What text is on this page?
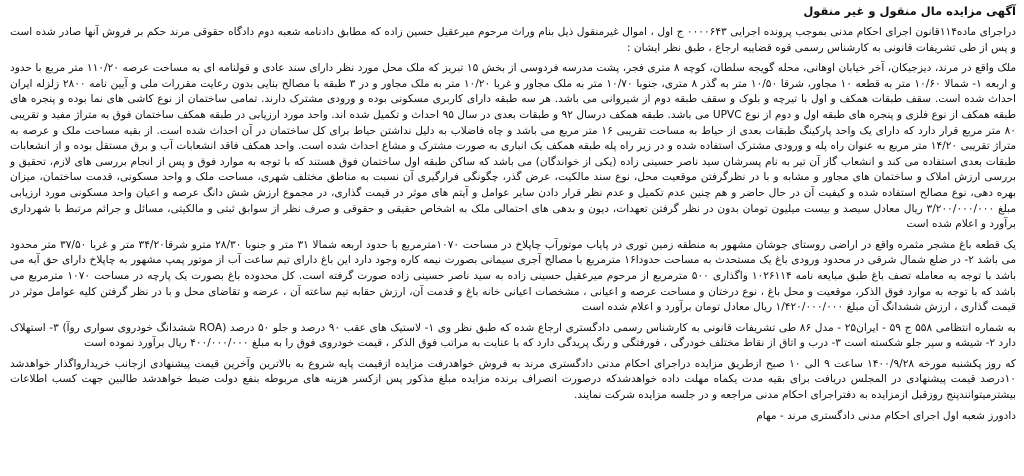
آگهی مزایده مال منقول و غیر منقول

دراجرای ماده۱۱۴قانون اجرای احکام مدنی بموجب پرونده اجرایی ۰۰۰۰۶۴۳ ج اول ، اموال غیرمنقول ذیل بنام وراث مرحوم میرعقیل حسین زاده که مطابق دادنامه شعبه دوم دادگاه حقوقی مرند حکم بر فروش آنها صادر شده است و پس از طی تشریفات قانونی به کارشناس رسمی قوه قضاییه ارجاع ، طبق نظر ایشان :

ملک واقع در مرند، دیزجیکان، آخر خیابان اوهانی، محله گویجه سلطان، کوچه ۸ متری فجر، پشت مدرسه فردوسی از بخش ۱۵ تبریز که ملک محل مورد نظر دارای سند عادی و قولنامه ای به مساحت عرصه ۱۱۰/۲۰ متر مربع با حدود و اربعه ۱- شمالا ۱۰/۶۰ متر به قطعه ۱۰ مجاور، شرقا ۱۰/۵۰ متر به گذر ۸ متری، جنوبا ۱۰/۷۰ متر به ملک مجاور و غربا ۱۰/۲۰ متر به ملک مجاور و در ۳ طبقه با مصالح بنایی بدون رعایت مقررات ملی و آیین نامه ۲۸۰۰ زلزله ایران احداث شده است. سقف طبقات همکف و اول با تیرچه و بلوک و سقف طبقه دوم از شیروانی می باشد. هر سه طبقه دارای کاربری مسکونی بوده و ورودی مشترک دارند. تمامی ساختمان از نوع کاشی های نما بوده و پنجره های طبقه همکف از نوع فلزی و پنجره های طبقه اول و دوم از نوع UPVC می باشد. طبقه همکف درسال ۹۲ و طبقات بعدی در سال ۹۵ احداث و تکمیل شده اند. واحد مورد ارزیابی در طبقه همکف ساختمان فوق به متراژ مفید و تقریبی ۸۰ متر مربع قرار دارد که دارای یک واحد پارکینگ طبقات بعدی از حیاط به مساحت تقریبی ۱۶ متر مربع می باشد و چاه فاضلاب به دلیل نداشتن حیاط برای کل ساختمان در آن احداث شده است. از بقیه مساحت ملک و عرصه به متراژ تقریبی ۱۴/۲۰ متر مربع به عنوان راه پله و ورودی مشترک استفاده شده و در زیر راه پله طبقه همکف یک انباری به صورت مشترک و مشاع احداث شده است. واحد همکف فاقد انشعابات آب و برق مستقل بوده و از انشعابات طبقات بعدی استفاده می کند و انشعاب گاز آن تیر به نام پسرشان سید ناصر حسینی زاده (یکی از خواندگان) می باشد که ساکن طبقه اول ساختمان فوق هستند که با توجه به موارد فوق و پس از انجام بررسی های لازم، تحقیق و بررسی ارزش املاک و ساختمان های مجاور و مشابه و با در نظرگرفتن موقعیت محل، نوع سند مالکیت، عرض گذر، چگونگی فرارگیری آن نسبت به مناطق مختلف شهری، مساحت ملک و واحد مسکونی، قدمت ساختمان، میزان بهره دهی، نوع مصالح استفاده شده و کیفیت آن در حال حاضر و هم چنین عدم تکمیل و عدم نظر قرار دادن سایر عوامل و آیتم های موثر در قیمت گذاری، در مجموع ارزش شش دانگ عرصه و اعیان واحد مسکونی مورد ارزیابی مبلغ ۳/۲۰۰/۰۰۰/۰۰۰ ریال معادل سیصد و بیست میلیون تومان بدون در نظر گرفتن تعهدات، دیون و بدهی های احتمالی ملک به اشخاص حقیقی و حقوقی و صرف نظر از سوابق ثبتی و مالکیتی، مسائل و جرائم مرتبط با شهرداری برآورد و اعلام شده است

یک قطعه باغ مشجر مثمره واقع در اراضی روستای جوشان مشهور به منطقه زمین توری در پایاب موتورآب چاپلاخ در مساحت ۱۰۷۰مترمربع با حدود اربعه شمالا ۳۱ متر و جنوبا ۲۸/۳۰ مترو شرقا۳۴/۲۰ متر و غربا ۳۷/۵۰ متر محدود می باشد ۲- در ضلع شمال شرقی در محدود ورودی باغ یک مستحدث به مساحت حدودا۱۶ مترمربع با مصالح آجری سیمانی بصورت نیمه کاره وجود دارد این باغ دارای تیم ساعت آب از موتور پمپ مشهور به چاپلاخ دارای حق آبه می باشد با توجه به معامله تصف باغ طبق مبایعه نامه ۱۰۲۶۱۱۴ واگذاری ۵۰۰ مترمربع از مرحوم میرعقیل حسینی زاده به سید ناصر حسینی زاده صورت گرفته است. کل محدوده باغ بصورت یک پارچه در مساحت ۱۰۷۰ مترمربع می باشد که با توجه به موارد فوق الذکر، موقعیت و محل باغ ، نوع درختان و مساحت عرصه و اعیانی ، مشخصات اعیانی خانه باغ و قدمت آن، ارزش حقابه تیم ساعته آن ، عرضه و تقاضای محل و با در نظر گرفتن کلیه عوامل موثر در قیمت گذاری ، ارزش ششدانگ آن مبلغ ۱/۴۲۰/۰۰۰/۰۰۰ ریال معادل تومان برآورد و اعلام شده است

به شماره انتظامی ۵۵۸ ج ۵۹ - ایران۲۵ - مدل ۸۶ طی تشریفات قانونی به کارشناس رسمی دادگستری ارجاع شده که طبق نظر وی ۱- لاستیک های عقب ۹۰ درصد و جلو ۵۰ درصد (ROA ششدانگ خودروی سواری روآ) ۳- استهلاک دارد ۲- شیشه و سپر جلو شکسته است ۳- درب و اتاق از نقاط مختلف خودرگی ، فورفتگی و رنگ پریدگی دارد که با عنایت به مراتب فوق الذکر ، قیمت خودروی فوق را به مبلغ ۴۰۰/۰۰۰/۰۰۰ ریال برآورد نموده است

که روز پکشنبه مورخه ۱۴۰۰/۹/۲۸ ساعت ۹ الی ۱۰ صبح ازطریق مزایده دراجرای احکام مدنی دادگستری مرند به فروش خواهدرفت مزایده ازقیمت پایه شروع به بالاترین وآخرین قیمت پیشنهادی ازجانب خریدارواگذار خواهدشد ۱۰درصد قیمت پیشنهادی در المجلس دریافت برای بقیه مدت یکماه مهلت داده خواهدشدکه درصورت انصراف برنده مزایده مبلغ مذکور پس ازکسر هزینه های مربوطه بنفع دولت ضبط خواهدشد طالبین جهت کسب اطلاعات بیشترمیتوانندپنج روزقبل ازمزایده به دفتراجرای احکام مدنی مراجعه و در جلسه مزایده شرکت نمایند.

دادورز شعبه اول اجرای احکام مدنی دادگستری مرند - مهام
